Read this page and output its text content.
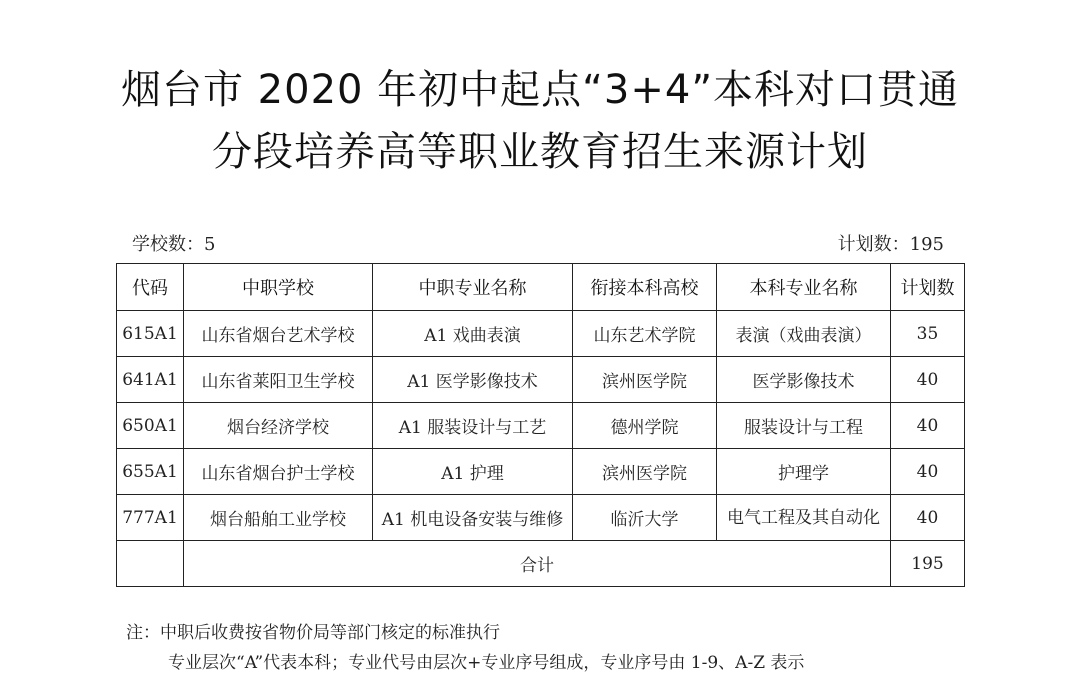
烟台市 2020 年初中起点“3+4”本科对口贯通
分段培养高等职业教育招生来源计划
学校数：5	计划数：195
代码	中职学校	中职专业名称	衔接本科高校	本科专业名称	计划数
615A1	山东省烟台艺术学校	A1 戏曲表演	山东艺术学院	表演（戏曲表演）	35
641A1	山东省莱阳卫生学校	A1 医学影像技术	滨州医学院	医学影像技术	40
650A1	烟台经济学校	A1 服装设计与工艺	德州学院	服装设计与工程	40
655A1	山东省烟台护士学校	A1 护理	滨州医学院	护理学	40
777A1	烟台船舶工业学校	A1 机电设备安装与维修	临沂大学	电气工程及其自动化	40
	合计				195
注：中职后收费按省物价局等部门核定的标准执行
专业层次“A”代表本科；专业代号由层次+专业序号组成，专业序号由 1-9、A-Z 表示
